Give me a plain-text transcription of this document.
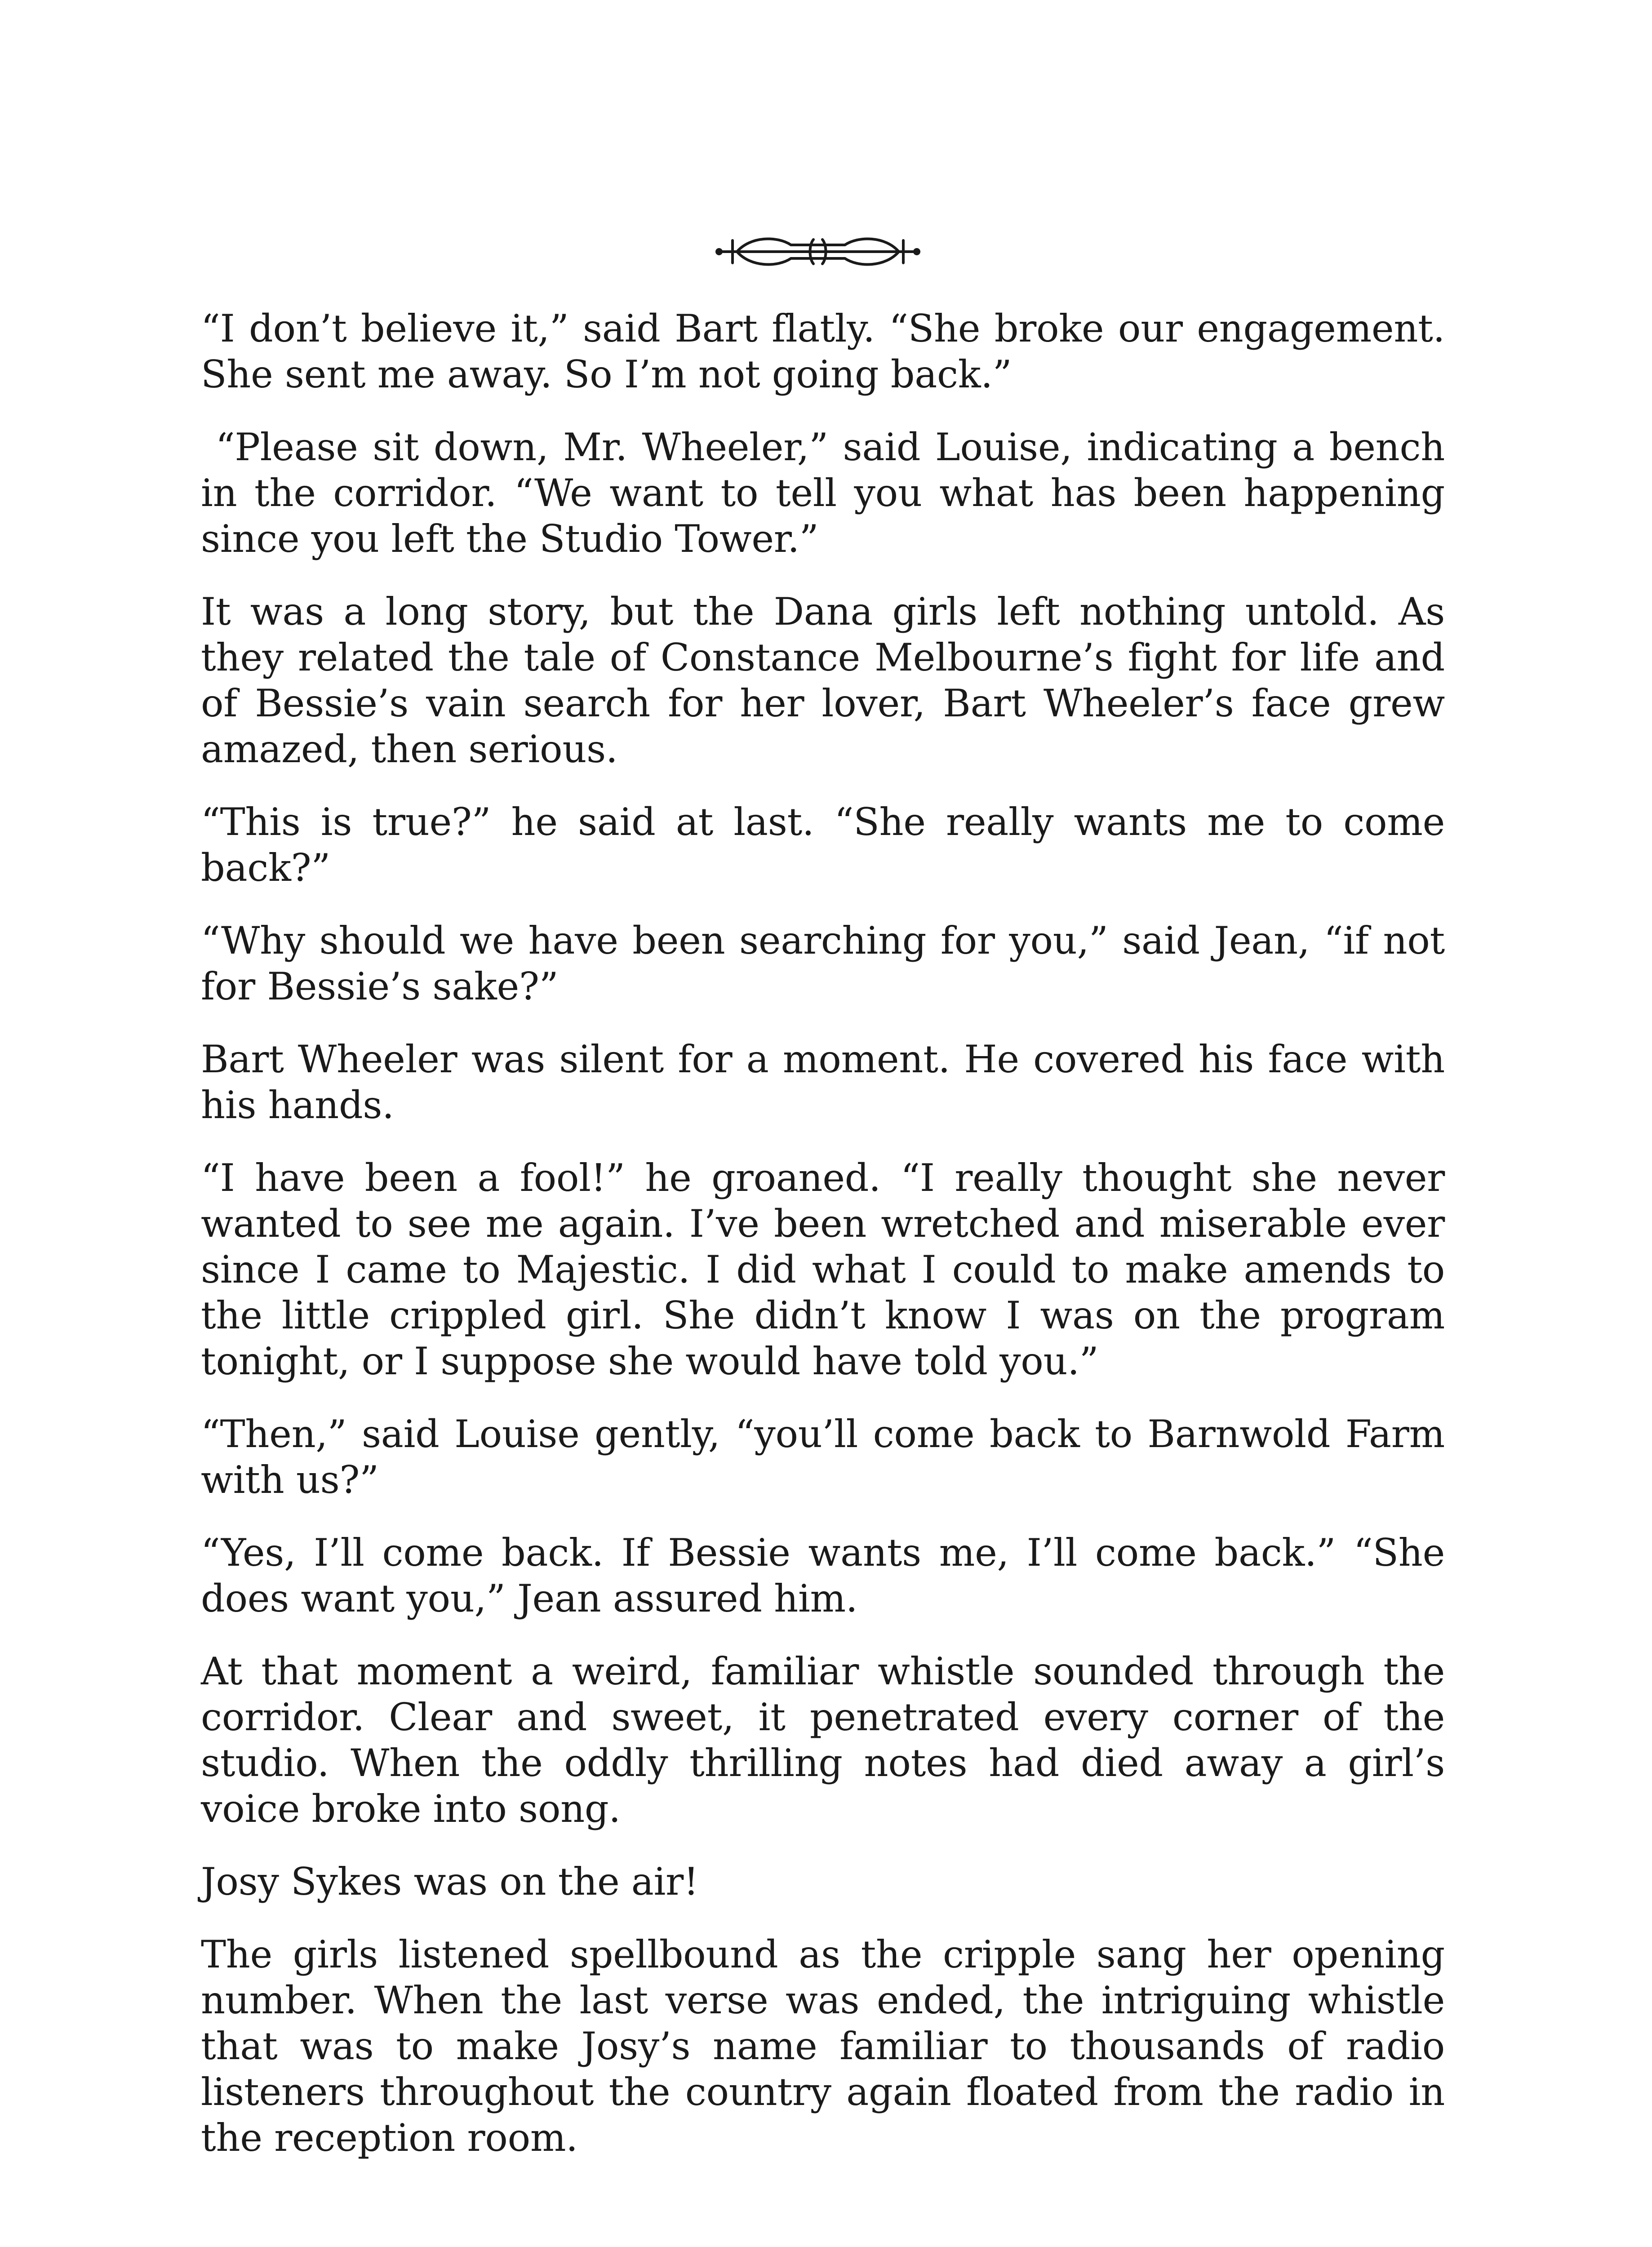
“I don’t believe it,” said Bart flatly. “She broke our engagement. She sent me away. So I’m not going back.”

“Please sit down, Mr. Wheeler,” said Louise, indicating a bench in the corridor. “We want to tell you what has been happening since you left the Studio Tower.”

It was a long story, but the Dana girls left nothing untold. As they related the tale of Constance Melbourne’s fight for life and of Bessie’s vain search for her lover, Bart Wheeler’s face grew amazed, then serious.

“This is true?” he said at last. “She really wants me to come back?”

“Why should we have been searching for you,” said Jean, “if not for Bessie’s sake?”

Bart Wheeler was silent for a moment. He covered his face with his hands.

“I have been a fool!” he groaned. “I really thought she never wanted to see me again. I’ve been wretched and miserable ever since I came to Majestic. I did what I could to make amends to the little crippled girl. She didn’t know I was on the program tonight, or I suppose she would have told you.”

“Then,” said Louise gently, “you’ll come back to Barnwold Farm with us?”

“Yes, I’ll come back. If Bessie wants me, I’ll come back.” “She does want you,” Jean assured him.

At that moment a weird, familiar whistle sounded through the corridor. Clear and sweet, it penetrated every corner of the studio. When the oddly thrilling notes had died away a girl’s voice broke into song.

Josy Sykes was on the air!

The girls listened spellbound as the cripple sang her opening number. When the last verse was ended, the intriguing whistle that was to make Josy’s name familiar to thousands of radio listeners throughout the country again floated from the radio in the reception room.
